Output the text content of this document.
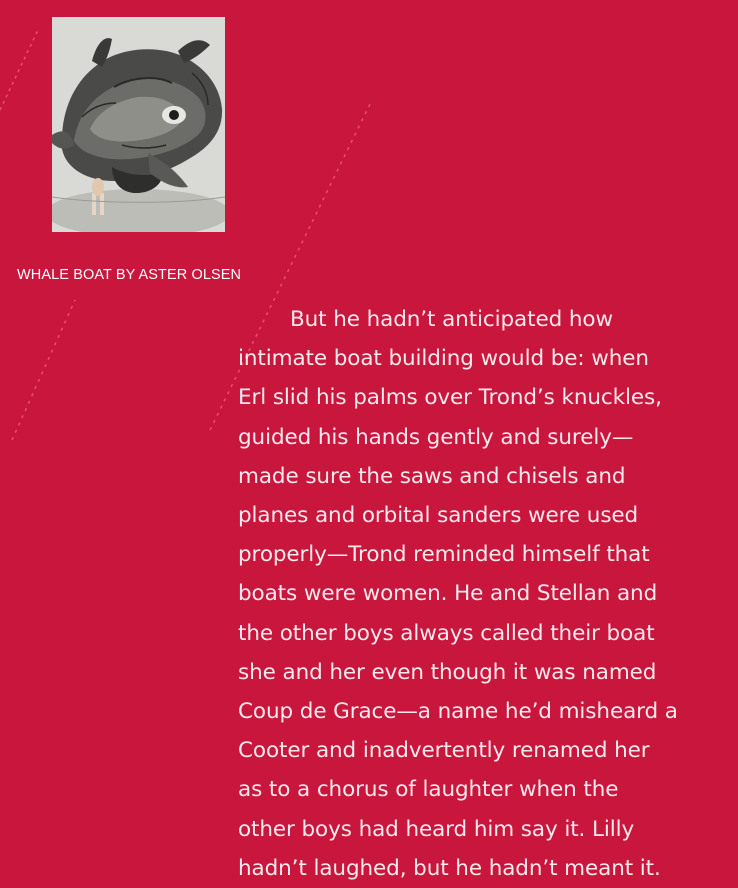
WHALE BOAT BY ASTER OLSEN

But he hadn’t anticipated how

intimate boat building would be: when

Erl slid his palms over Trond’s knuckles,

guided his hands gently and surely—

made sure the saws and chisels and

planes and orbital sanders were used

properly—Trond reminded himself that

boats were women. He and Stellan and

the other boys always called their boat

she and her even though it was named

Coup de Grace—a name he’d misheard a

Cooter and inadvertently renamed her

as to a chorus of laughter when the

other boys had heard him say it. Lilly

hadn’t laughed, but he hadn’t meant it.
